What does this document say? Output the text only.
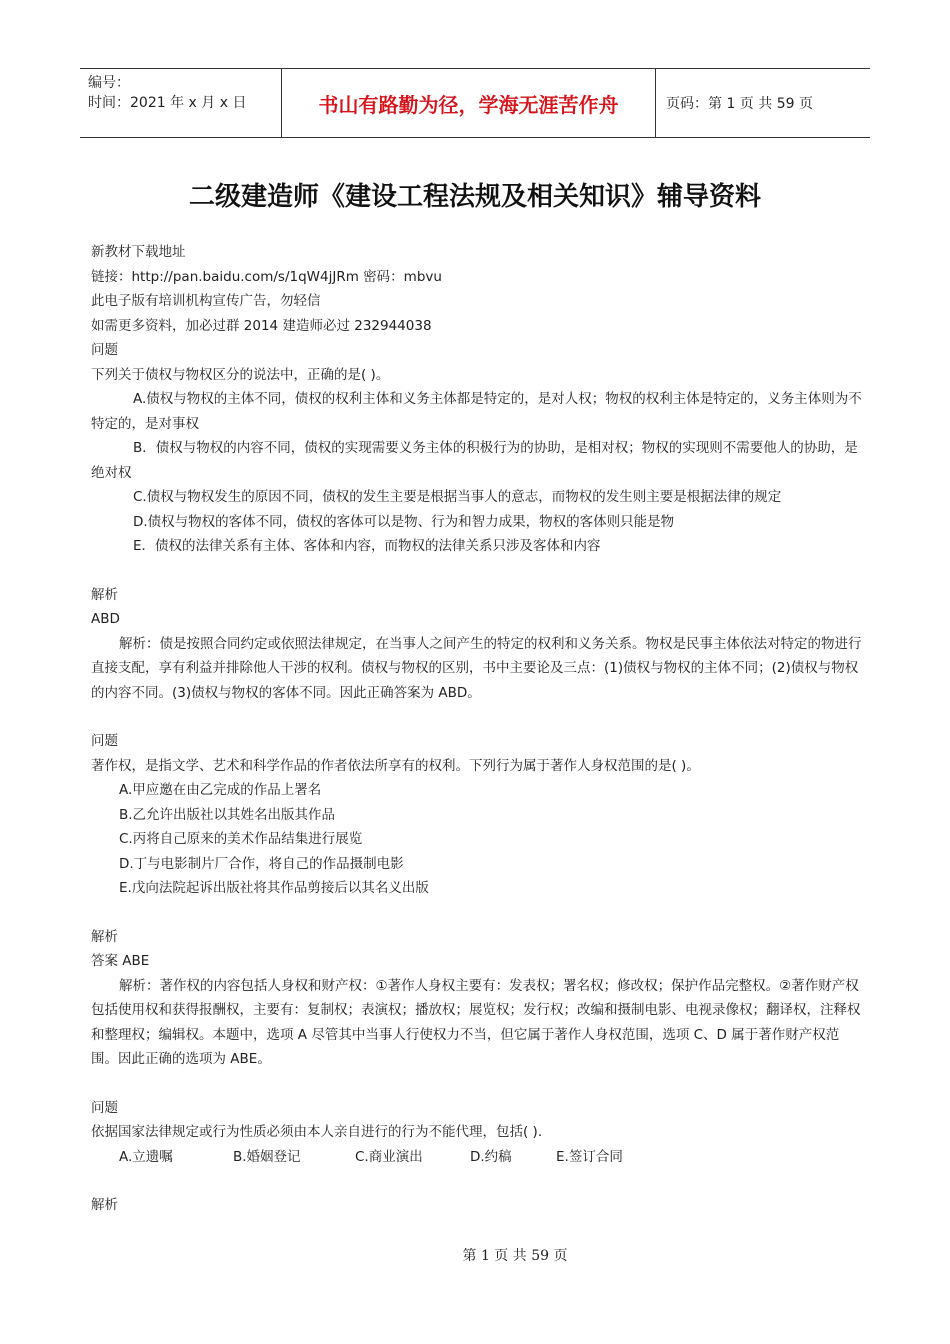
编号：
时间：2021 年 x 月 x 日	书山有路勤为径，学海无涯苦作舟	页码：第 1 页 共 59 页
二级建造师《建设工程法规及相关知识》辅导资料

新教材下载地址

链接：http://pan.baidu.com/s/1qW4jJRm 密码：mbvu

此电子版有培训机构宣传广告，勿轻信

如需更多资料，加必过群 2014 建造师必过 232944038

问题

下列关于债权与物权区分的说法中，正确的是( )。

A.债权与物权的主体不同，债权的权利主体和义务主体都是特定的，是对人权；物权的权利主体是特定的，义务主体则为不特定的，是对事权

B．债权与物权的内容不同，债权的实现需要义务主体的积极行为的协助，是相对权；物权的实现则不需要他人的协助，是绝对权

C.债权与物权发生的原因不同，债权的发生主要是根据当事人的意志，而物权的发生则主要是根据法律的规定

D.债权与物权的客体不同，债权的客体可以是物、行为和智力成果，物权的客体则只能是物

E．债权的法律关系有主体、客体和内容，而物权的法律关系只涉及客体和内容

解析

ABD

解析：债是按照合同约定或依照法律规定，在当事人之间产生的特定的权利和义务关系。物权是民事主体依法对特定的物进行直接支配，享有利益并排除他人干涉的权利。债权与物权的区别，书中主要论及三点：(1)债权与物权的主体不同；(2)债权与物权的内容不同。(3)债权与物权的客体不同。因此正确答案为 ABD。

问题

著作权，是指文学、艺术和科学作品的作者依法所享有的权利。下列行为属于著作人身权范围的是( )。

A.甲应邀在由乙完成的作品上署名

B.乙允许出版社以其姓名出版其作品

C.丙将自己原来的美术作品结集进行展览

D.丁与电影制片厂合作，将自己的作品摄制电影

E.戊向法院起诉出版社将其作品剪接后以其名义出版

解析

答案 ABE

解析：著作权的内容包括人身权和财产权：①著作人身权主要有：发表权；署名权；修改权；保护作品完整权。②著作财产权包括使用权和获得报酬权，主要有：复制权；表演权；播放权；展览权；发行权；改编和摄制电影、电视录像权；翻译权，注释权和整理权；编辑权。本题中，选项 A 尽管其中当事人行使权力不当，但它属于著作人身权范围，选项 C、D 属于著作财产权范围。因此正确的选项为 ABE。

问题

依据国家法律规定或行为性质必须由本人亲自进行的行为不能代理，包括( ).

A.立遗嘱	B.婚姻登记	C.商业演出	D.约稿	E.签订合同

解析

第 1 页 共 59 页
